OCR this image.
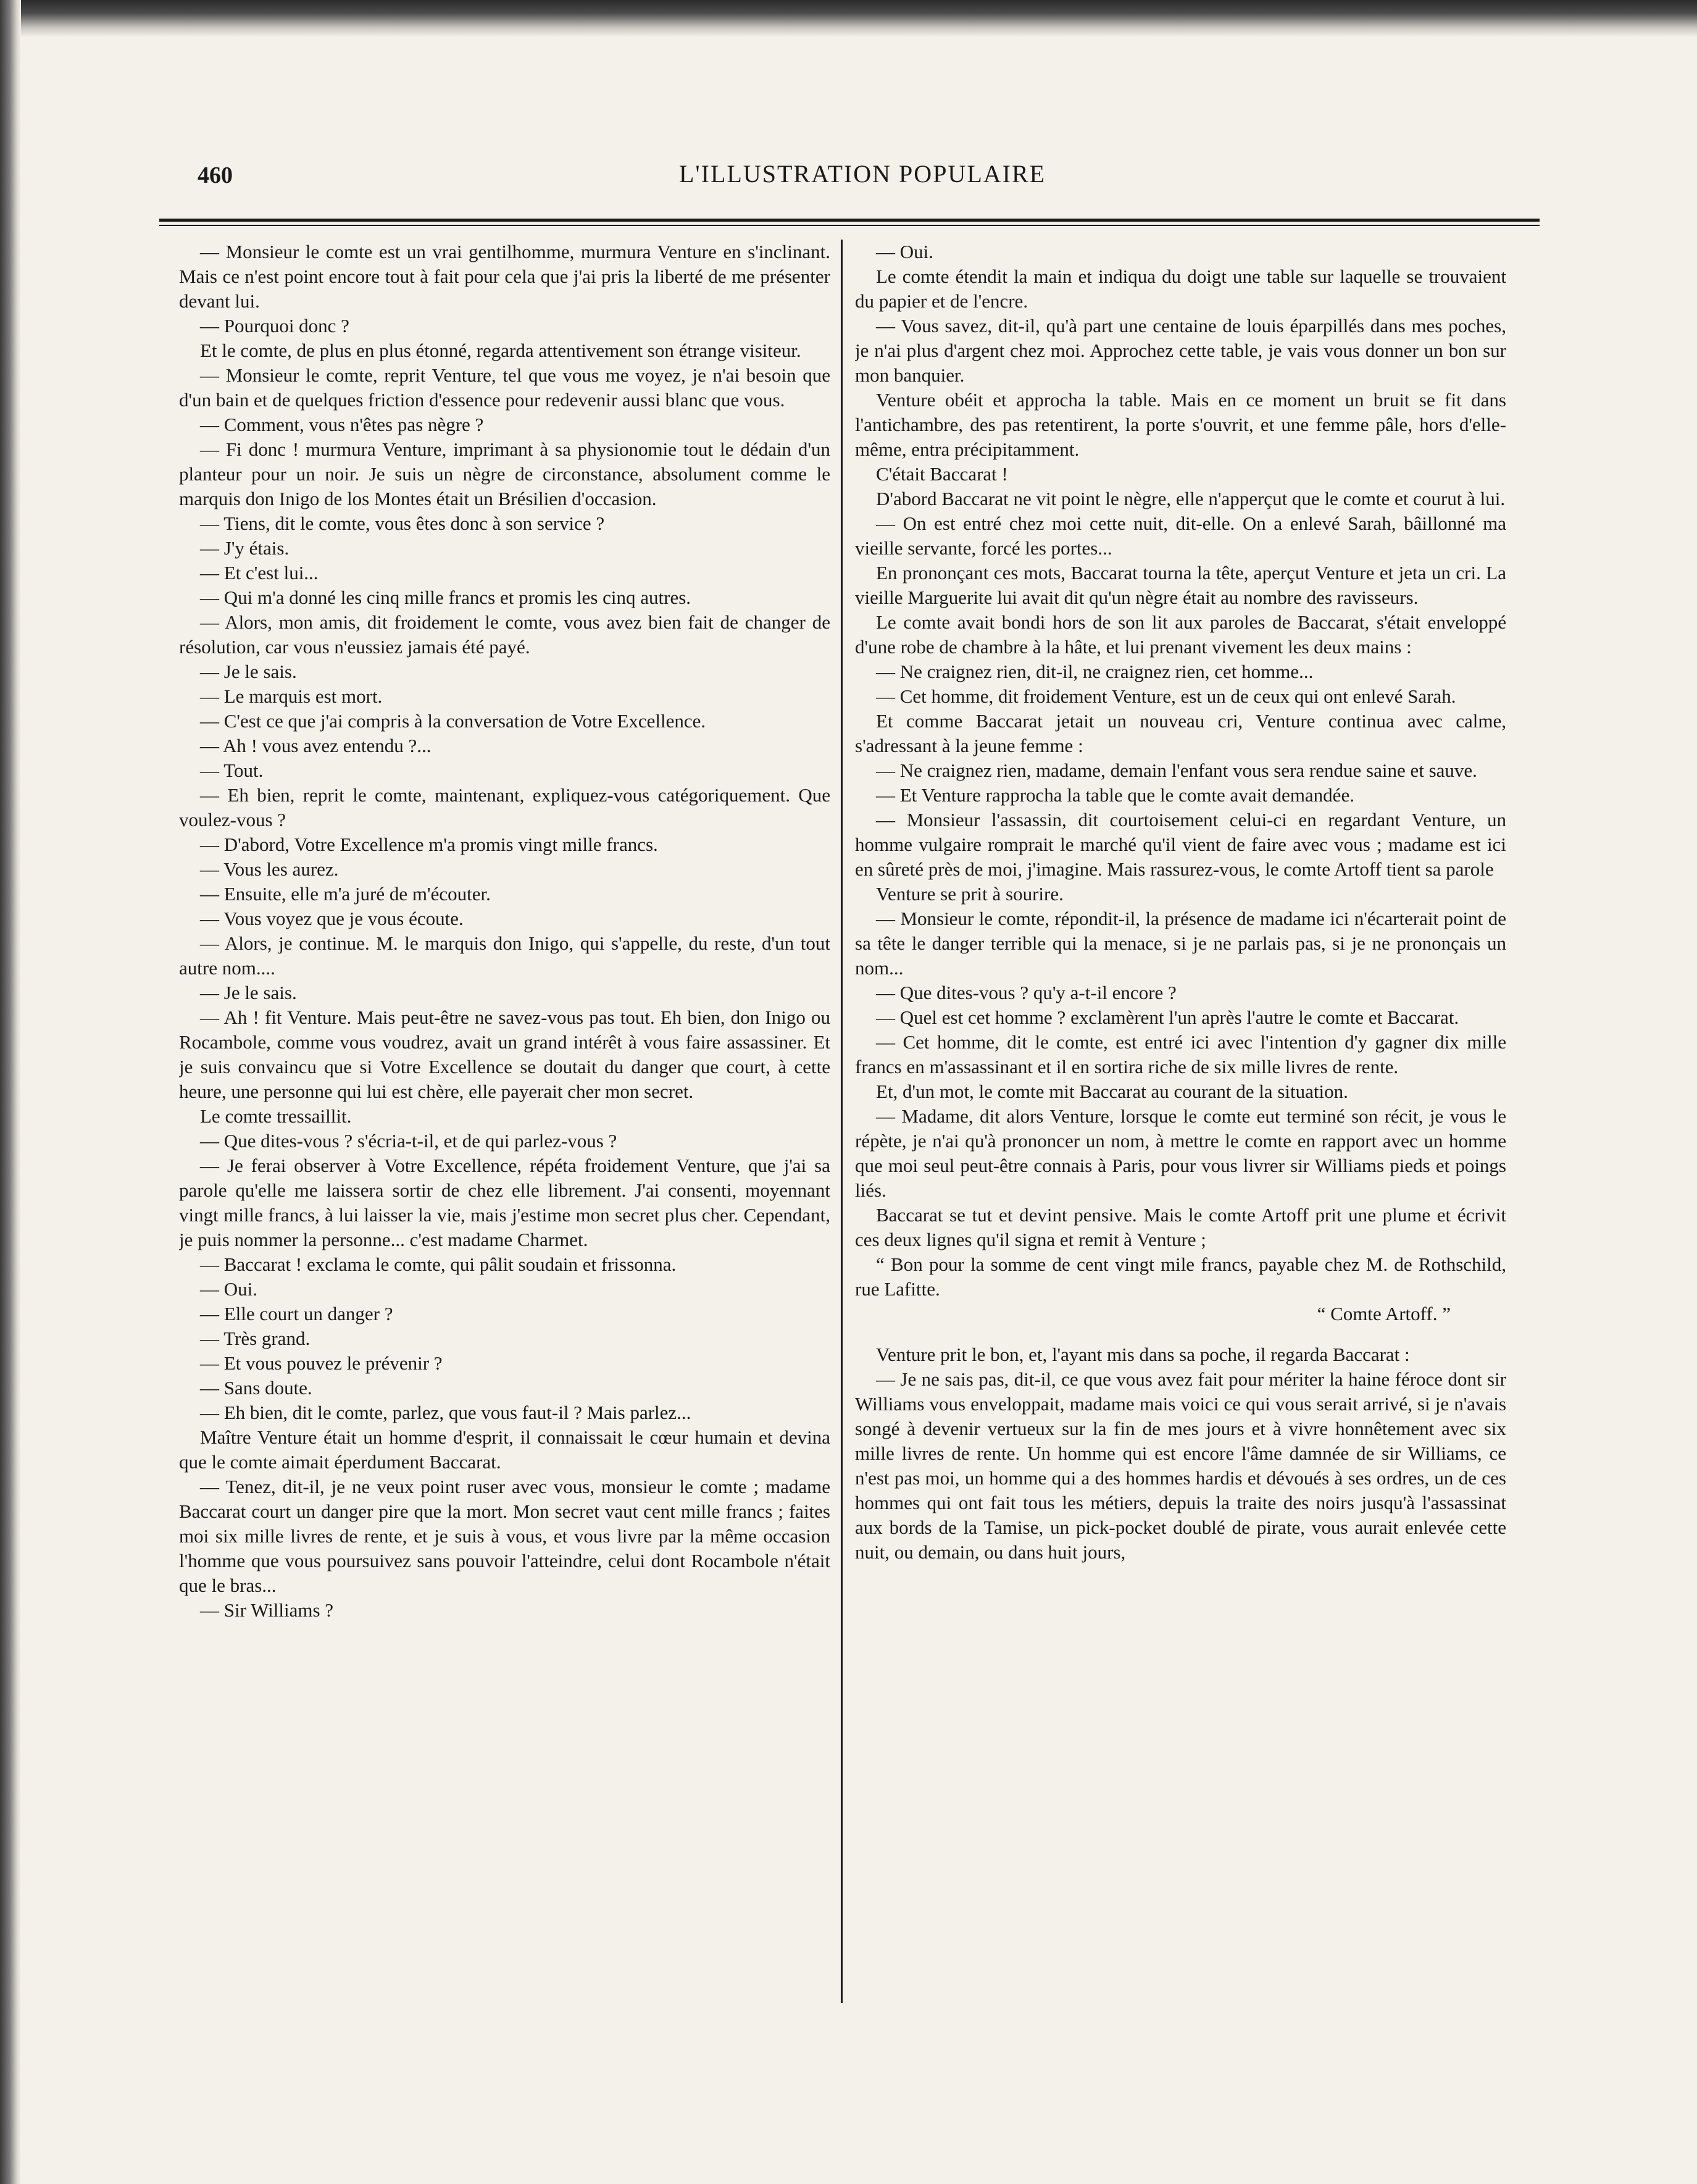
460	L'ILLUSTRATION POPULAIRE

— Monsieur le comte est un vrai gentilhomme, murmura Venture en s'inclinant. Mais ce n'est point encore tout à fait pour cela que j'ai pris la liberté de me présenter devant lui.

— Pourquoi donc ?

Et le comte, de plus en plus étonné, regarda attentivement son étrange visiteur.

— Monsieur le comte, reprit Venture, tel que vous me voyez, je n'ai besoin que d'un bain et de quelques friction d'essence pour redevenir aussi blanc que vous.

— Comment, vous n'êtes pas nègre ?

— Fi donc ! murmura Venture, imprimant à sa physionomie tout le dédain d'un planteur pour un noir. Je suis un nègre de circonstance, absolument comme le marquis don Inigo de los Montes était un Brésilien d'occasion.

— Tiens, dit le comte, vous êtes donc à son service ?

— J'y étais.

— Et c'est lui...

— Qui m'a donné les cinq mille francs et promis les cinq autres.

— Alors, mon amis, dit froidement le comte, vous avez bien fait de changer de résolution, car vous n'eussiez jamais été payé.

— Je le sais.

— Le marquis est mort.

— C'est ce que j'ai compris à la conversation de Votre Excellence.

— Ah ! vous avez entendu ?...

— Tout.

— Eh bien, reprit le comte, maintenant, expliquez-vous catégoriquement. Que voulez-vous ?

— D'abord, Votre Excellence m'a promis vingt mille francs.

— Vous les aurez.

— Ensuite, elle m'a juré de m'écouter.

— Vous voyez que je vous écoute.

— Alors, je continue. M. le marquis don Inigo, qui s'appelle, du reste, d'un tout autre nom....

— Je le sais.

— Ah ! fit Venture. Mais peut-être ne savez-vous pas tout. Eh bien, don Inigo ou Rocambole, comme vous voudrez, avait un grand intérêt à vous faire assassiner. Et je suis convaincu que si Votre Excellence se doutait du danger que court, à cette heure, une personne qui lui est chère, elle payerait cher mon secret.

Le comte tressaillit.

— Que dites-vous ? s'écria-t-il, et de qui parlez-vous ?

— Je ferai observer à Votre Excellence, répéta froidement Venture, que j'ai sa parole qu'elle me laissera sortir de chez elle librement. J'ai consenti, moyennant vingt mille francs, à lui laisser la vie, mais j'estime mon secret plus cher. Cependant, je puis nommer la personne... c'est madame Charmet.

— Baccarat ! exclama le comte, qui pâlit soudain et frissonna.

— Oui.

— Elle court un danger ?

— Très grand.

— Et vous pouvez le prévenir ?

— Sans doute.

— Eh bien, dit le comte, parlez, que vous faut-il ? Mais parlez...

Maître Venture était un homme d'esprit, il connaissait le cœur humain et devina que le comte aimait éperdument Baccarat.

— Tenez, dit-il, je ne veux point ruser avec vous, monsieur le comte ; madame Baccarat court un danger pire que la mort. Mon secret vaut cent mille francs ; faites moi six mille livres de rente, et je suis à vous, et vous livre par la même occasion l'homme que vous poursuivez sans pouvoir l'atteindre, celui dont Rocambole n'était que le bras...

— Sir Williams ?

— Oui.

Le comte étendit la main et indiqua du doigt une table sur laquelle se trouvaient du papier et de l'encre.

— Vous savez, dit-il, qu'à part une centaine de louis éparpillés dans mes poches, je n'ai plus d'argent chez moi. Approchez cette table, je vais vous donner un bon sur mon banquier.

Venture obéit et approcha la table. Mais en ce moment un bruit se fit dans l'antichambre, des pas retentirent, la porte s'ouvrit, et une femme pâle, hors d'elle-même, entra précipitamment.

C'était Baccarat !

D'abord Baccarat ne vit point le nègre, elle n'apperçut que le comte et courut à lui.

— On est entré chez moi cette nuit, dit-elle. On a enlevé Sarah, bâillonné ma vieille servante, forcé les portes...

En prononçant ces mots, Baccarat tourna la tête, aperçut Venture et jeta un cri. La vieille Marguerite lui avait dit qu'un nègre était au nombre des ravisseurs.

Le comte avait bondi hors de son lit aux paroles de Baccarat, s'était enveloppé d'une robe de chambre à la hâte, et lui prenant vivement les deux mains :

— Ne craignez rien, dit-il, ne craignez rien, cet homme...

— Cet homme, dit froidement Venture, est un de ceux qui ont enlevé Sarah.

Et comme Baccarat jetait un nouveau cri, Venture continua avec calme, s'adressant à la jeune femme :

— Ne craignez rien, madame, demain l'enfant vous sera rendue saine et sauve.

— Et Venture rapprocha la table que le comte avait demandée.

— Monsieur l'assassin, dit courtoisement celui-ci en regardant Venture, un homme vulgaire romprait le marché qu'il vient de faire avec vous ; madame est ici en sûreté près de moi, j'imagine. Mais rassurez-vous, le comte Artoff tient sa parole

Venture se prit à sourire.

— Monsieur le comte, répondit-il, la présence de madame ici n'écarterait point de sa tête le danger terrible qui la menace, si je ne parlais pas, si je ne prononçais un nom...

— Que dites-vous ? qu'y a-t-il encore ?

— Quel est cet homme ? exclamèrent l'un après l'autre le comte et Baccarat.

— Cet homme, dit le comte, est entré ici avec l'intention d'y gagner dix mille francs en m'assassinant et il en sortira riche de six mille livres de rente.

Et, d'un mot, le comte mit Baccarat au courant de la situation.

— Madame, dit alors Venture, lorsque le comte eut terminé son récit, je vous le répète, je n'ai qu'à prononcer un nom, à mettre le comte en rapport avec un homme que moi seul peut-être connais à Paris, pour vous livrer sir Williams pieds et poings liés.

Baccarat se tut et devint pensive. Mais le comte Artoff prit une plume et écrivit ces deux lignes qu'il signa et remit à Venture ;

“ Bon pour la somme de cent vingt mile francs, payable chez M. de Rothschild, rue Lafitte.

“ Comte Artoff. ”

Venture prit le bon, et, l'ayant mis dans sa poche, il regarda Baccarat :

— Je ne sais pas, dit-il, ce que vous avez fait pour mériter la haine féroce dont sir Williams vous enveloppait, madame mais voici ce qui vous serait arrivé, si je n'avais songé à devenir vertueux sur la fin de mes jours et à vivre honnêtement avec six mille livres de rente. Un homme qui est encore l'âme damnée de sir Williams, ce n'est pas moi, un homme qui a des hommes hardis et dévoués à ses ordres, un de ces hommes qui ont fait tous les métiers, depuis la traite des noirs jusqu'à l'assassinat aux bords de la Tamise, un pick-pocket doublé de pirate, vous aurait enlevée cette nuit, ou demain, ou dans huit jours,
